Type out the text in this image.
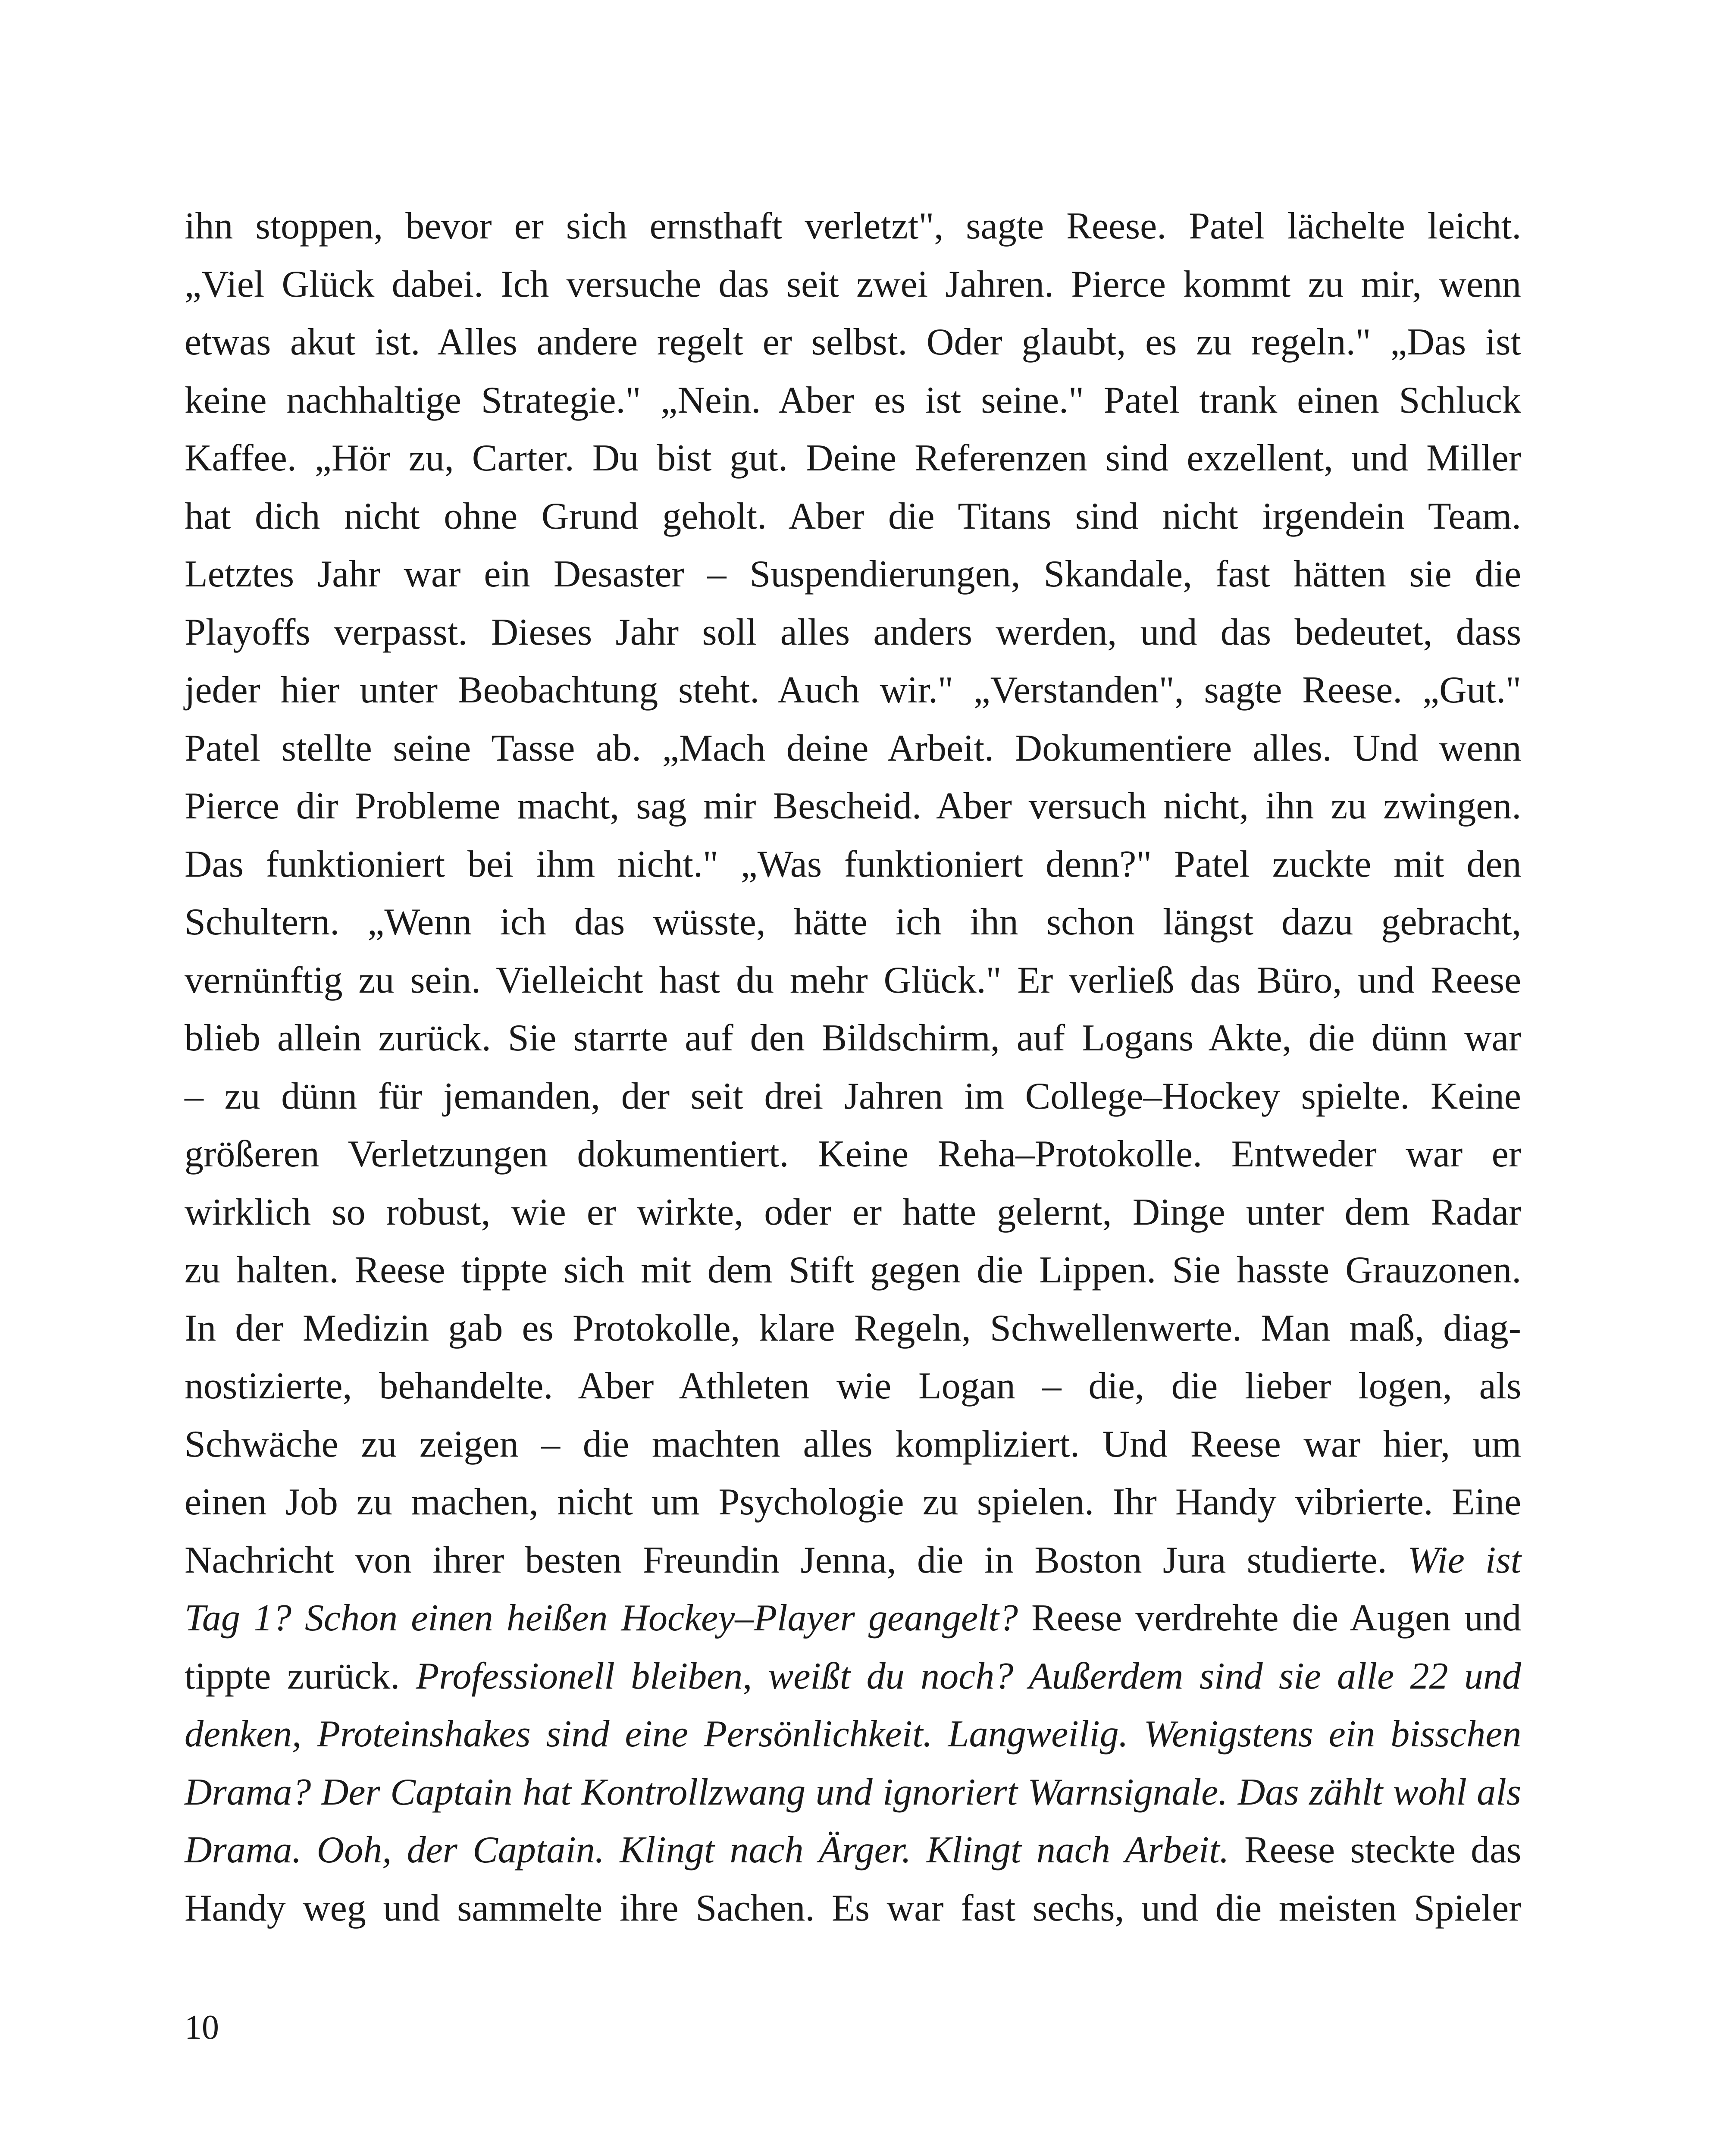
ihn stoppen, bevor er sich ernsthaft verletzt", sagte Reese. Patel lächelte leicht.
„Viel Glück dabei. Ich versuche das seit zwei Jahren. Pierce kommt zu mir, wenn
etwas akut ist. Alles andere regelt er selbst. Oder glaubt, es zu regeln." „Das ist
keine nachhaltige Strategie." „Nein. Aber es ist seine." Patel trank einen Schluck
Kaffee. „Hör zu, Carter. Du bist gut. Deine Referenzen sind exzellent, und Miller
hat dich nicht ohne Grund geholt. Aber die Titans sind nicht irgendein Team.
Letztes Jahr war ein Desaster – Suspendierungen, Skandale, fast hätten sie die
Playoffs verpasst. Dieses Jahr soll alles anders werden, und das bedeutet, dass
jeder hier unter Beobachtung steht. Auch wir." „Verstanden", sagte Reese. „Gut."
Patel stellte seine Tasse ab. „Mach deine Arbeit. Dokumentiere alles. Und wenn
Pierce dir Probleme macht, sag mir Bescheid. Aber versuch nicht, ihn zu zwingen.
Das funktioniert bei ihm nicht." „Was funktioniert denn?" Patel zuckte mit den
Schultern. „Wenn ich das wüsste, hätte ich ihn schon längst dazu gebracht,
vernünftig zu sein. Vielleicht hast du mehr Glück." Er verließ das Büro, und Reese
blieb allein zurück. Sie starrte auf den Bildschirm, auf Logans Akte, die dünn war
– zu dünn für jemanden, der seit drei Jahren im College–Hockey spielte. Keine
größeren Verletzungen dokumentiert. Keine Reha–Protokolle. Entweder war er
wirklich so robust, wie er wirkte, oder er hatte gelernt, Dinge unter dem Radar
zu halten. Reese tippte sich mit dem Stift gegen die Lippen. Sie hasste Grauzonen.
In der Medizin gab es Protokolle, klare Regeln, Schwellenwerte. Man maß, diag-
nostizierte, behandelte. Aber Athleten wie Logan – die, die lieber logen, als
Schwäche zu zeigen – die machten alles kompliziert. Und Reese war hier, um
einen Job zu machen, nicht um Psychologie zu spielen. Ihr Handy vibrierte. Eine
Nachricht von ihrer besten Freundin Jenna, die in Boston Jura studierte. Wie ist
Tag 1? Schon einen heißen Hockey–Player geangelt? Reese verdrehte die Augen und
tippte zurück. Professionell bleiben, weißt du noch? Außerdem sind sie alle 22 und
denken, Proteinshakes sind eine Persönlichkeit. Langweilig. Wenigstens ein bisschen
Drama? Der Captain hat Kontrollzwang und ignoriert Warnsignale. Das zählt wohl als
Drama. Ooh, der Captain. Klingt nach Ärger. Klingt nach Arbeit. Reese steckte das
Handy weg und sammelte ihre Sachen. Es war fast sechs, und die meisten Spieler
10
